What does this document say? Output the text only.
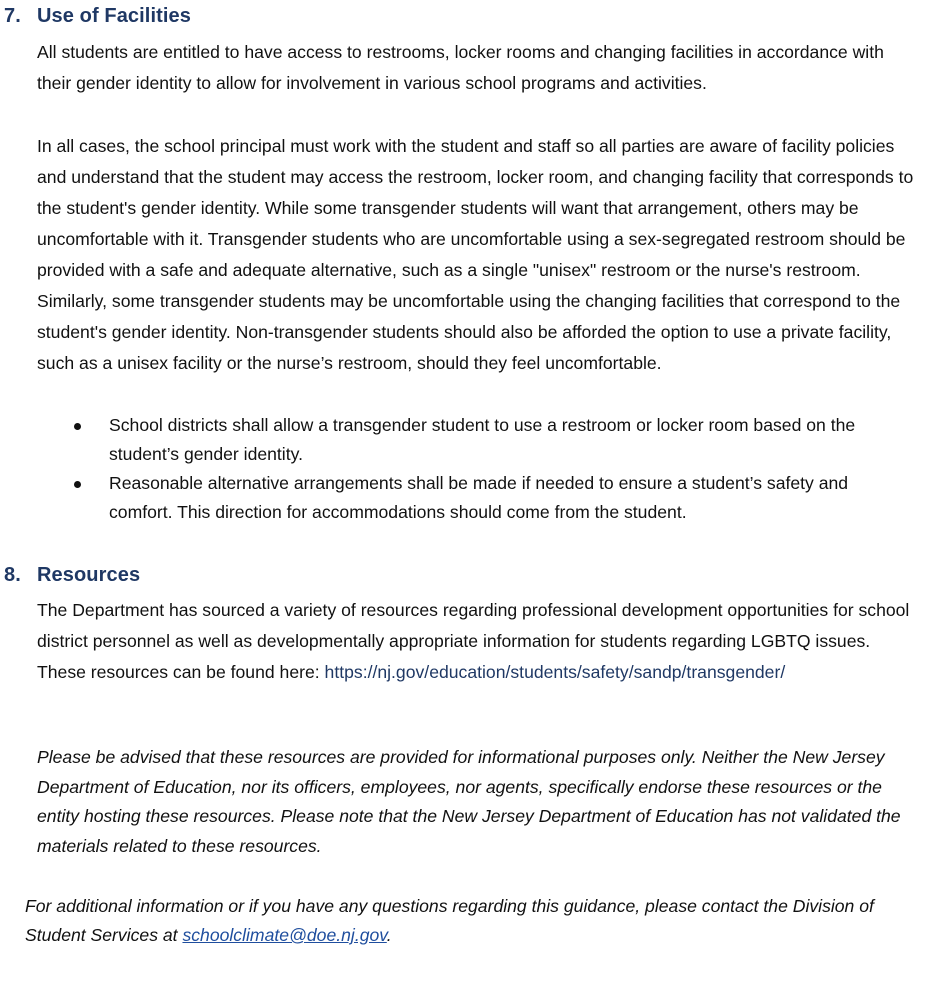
7. Use of Facilities

All students are entitled to have access to restrooms, locker rooms and changing facilities in accordance with their gender identity to allow for involvement in various school programs and activities.

In all cases, the school principal must work with the student and staff so all parties are aware of facility policies and understand that the student may access the restroom, locker room, and changing facility that corresponds to the student's gender identity. While some transgender students will want that arrangement, others may be uncomfortable with it. Transgender students who are uncomfortable using a sex-segregated restroom should be provided with a safe and adequate alternative, such as a single "unisex" restroom or the nurse's restroom. Similarly, some transgender students may be uncomfortable using the changing facilities that correspond to the student's gender identity. Non-transgender students should also be afforded the option to use a private facility, such as a unisex facility or the nurse’s restroom, should they feel uncomfortable.

School districts shall allow a transgender student to use a restroom or locker room based on the student’s gender identity.
Reasonable alternative arrangements shall be made if needed to ensure a student’s safety and comfort. This direction for accommodations should come from the student.
8. Resources

The Department has sourced a variety of resources regarding professional development opportunities for school district personnel as well as developmentally appropriate information for students regarding LGBTQ issues. These resources can be found here: https://nj.gov/education/students/safety/sandp/transgender/

Please be advised that these resources are provided for informational purposes only. Neither the New Jersey Department of Education, nor its officers, employees, nor agents, specifically endorse these resources or the entity hosting these resources. Please note that the New Jersey Department of Education has not validated the materials related to these resources.

For additional information or if you have any questions regarding this guidance, please contact the Division of Student Services at schoolclimate@doe.nj.gov.
